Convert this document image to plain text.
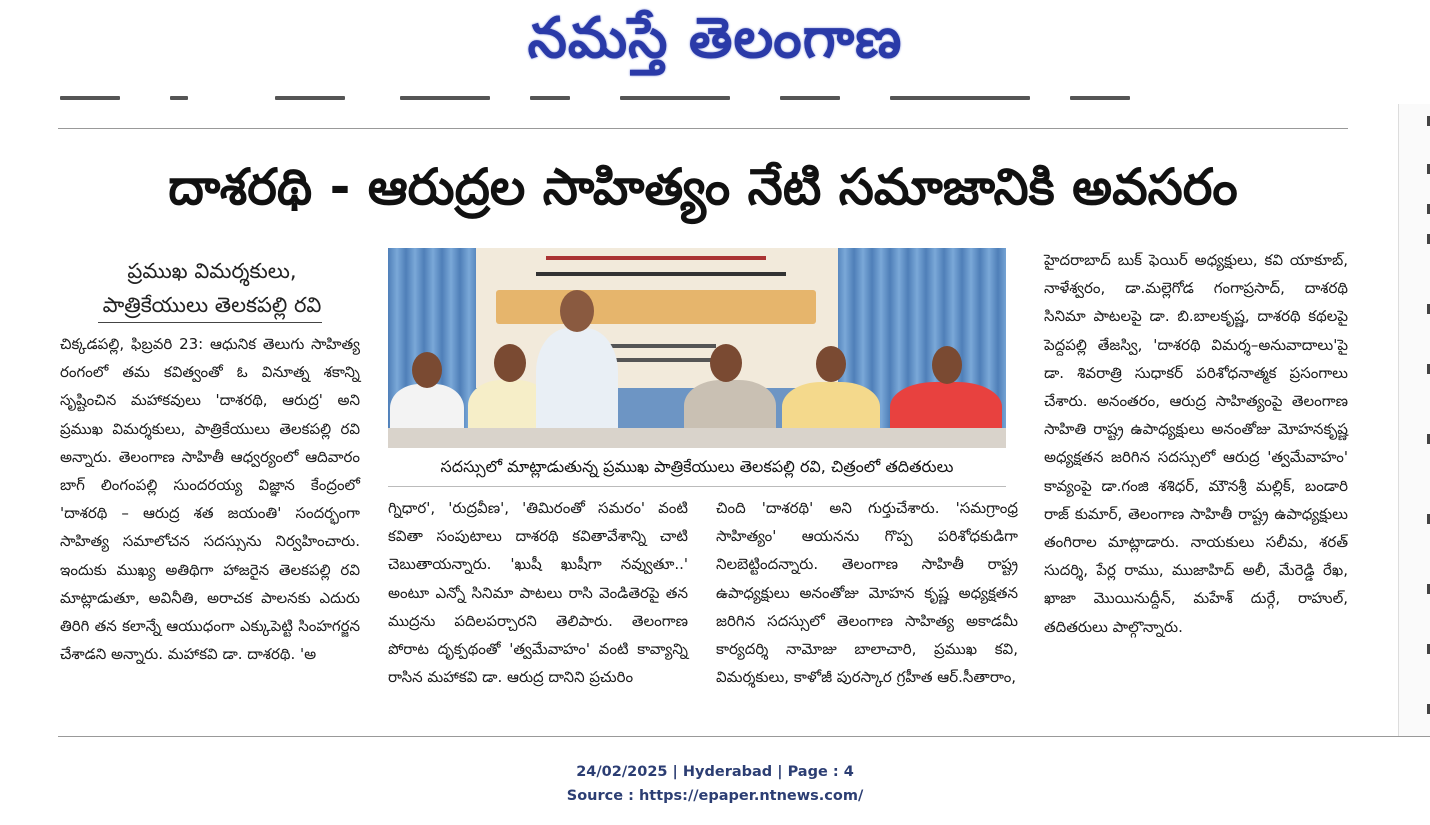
నమస్తే తెలంగాణ
దాశరథి - ఆరుద్రల సాహిత్యం నేటి సమాజానికి అవసరం
ప్రముఖ విమర్శకులు,
పాత్రికేయులు తెలకపల్లి రవి

చిక్కడపల్లి, ఫిబ్రవరి 23: ఆధునిక తెలుగు సాహిత్య రంగంలో తమ కవిత్వంతో ఓ వినూత్న శకాన్ని సృష్టించిన మహాకవులు 'దాశరథి, ఆరుద్ర' అని ప్రముఖ విమర్శకులు, పాత్రికేయులు తెలకపల్లి రవి అన్నారు. తెలంగాణ సాహితీ ఆధ్వర్యంలో ఆదివారం బాగ్ లింగంపల్లి సుందరయ్య విజ్ఞాన కేంద్రంలో 'దాశరథి – ఆరుద్ర శత జయంతి' సందర్భంగా సాహిత్య సమాలోచన సదస్సును నిర్వహించారు. ఇందుకు ముఖ్య అతిథిగా హాజరైన తెలకపల్లి రవి మాట్లాడుతూ, అవినీతి, అరాచక పాలనకు ఎదురు తిరిగి తన కలాన్నే ఆయుధంగా ఎక్కుపెట్టి సింహగర్జన చేశాడని అన్నారు. మహాకవి డా. దాశరథి. 'అ

సదస్సులో మాట్లాడుతున్న ప్రముఖ పాత్రికేయులు తెలకపల్లి రవి, చిత్రంలో తదితరులు

గ్నిధార', 'రుద్రవీణ', 'తిమిరంతో సమరం' వంటి కవితా సంపుటాలు దాశరథి కవితావేశాన్ని చాటి చెబుతాయన్నారు. 'ఖుషీ ఖుషీగా నవ్వుతూ..' అంటూ ఎన్నో సినిమా పాటలు రాసి వెండితెరపై తన ముద్రను పదిలపర్చారని తెలిపారు. తెలంగాణ పోరాట దృక్పథంతో 'త్వమేవాహం' వంటి కావ్యాన్ని రాసిన మహాకవి డా. ఆరుద్ర దానిని ప్రచురిం

చింది 'దాశరథి' అని గుర్తుచేశారు. 'సమగ్రాంధ్ర సాహిత్యం' ఆయనను గొప్ప పరిశోధకుడిగా నిలబెట్టిందన్నారు. తెలంగాణ సాహితీ రాష్ట్ర ఉపాధ్యక్షులు అనంతోజు మోహన కృష్ణ అధ్యక్షతన జరిగిన సదస్సులో తెలంగాణ సాహిత్య అకాడమీ కార్యదర్శి నామోజు బాలాచారి, ప్రముఖ కవి, విమర్శకులు, కాళోజీ పురస్కార గ్రహీత ఆర్.సీతారాం,

హైదరాబాద్ బుక్ ఫెయిర్ అధ్యక్షులు, కవి యాకూబ్, నాళేశ్వరం, డా.మల్లెగోడ గంగాప్రసాద్, దాశరథి సినిమా పాటలపై డా. బి.బాలకృష్ణ, దాశరథి కథలపై పెద్దపల్లి తేజస్వి, 'దాశరథి విమర్శ–అనువాదాలు'పై డా. శివరాత్రి సుధాకర్ పరిశోధనాత్మక ప్రసంగాలు చేశారు. అనంతరం, ఆరుద్ర సాహిత్యంపై తెలంగాణ సాహితి రాష్ట్ర ఉపాధ్యక్షులు అనంతోజు మోహనకృష్ణ అధ్యక్షతన జరిగిన సదస్సులో ఆరుద్ర 'త్వమేవాహం' కావ్యంపై డా.గంజి శశిధర్, మౌనశ్రీ మల్లిక్, బండారి రాజ్ కుమార్, తెలంగాణ సాహితీ రాష్ట్ర ఉపాధ్యక్షులు తంగిరాల మాట్లాడారు. నాయకులు సలీమ, శరత్ సుదర్శి, పేర్ల రాము, ముజాహిద్ అలీ, మేరెడ్డి రేఖ, ఖాజా మొయినుద్దీన్, మహేశ్ దుర్గే, రాహుల్, తదితరులు పాల్గొన్నారు.

24/02/2025 | Hyderabad | Page : 4
Source : https://epaper.ntnews.com/
